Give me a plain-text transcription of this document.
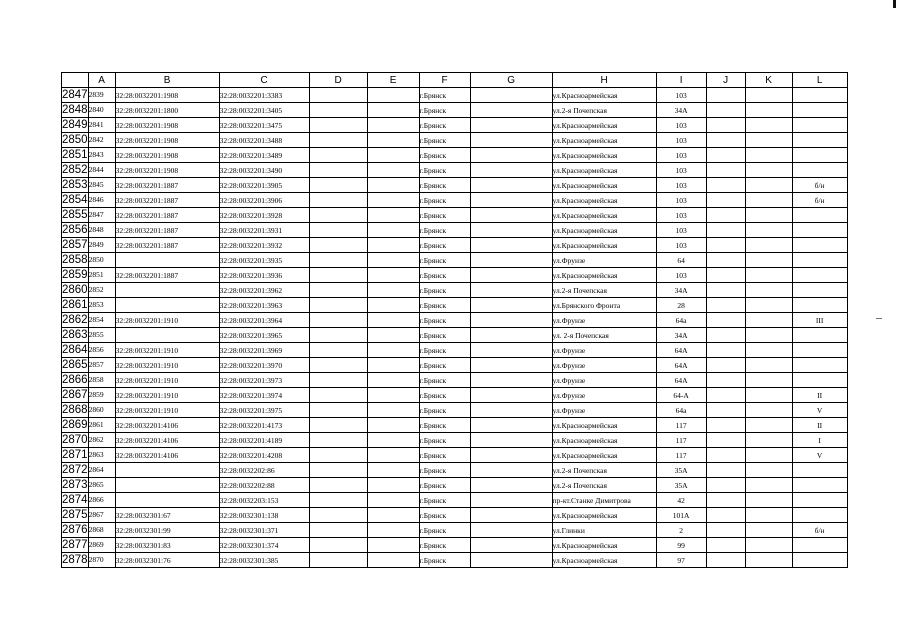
	A	B	C	D	E	F	G	H	I	J	K	L
2847	2839	32:28:0032201:1908	32:28:0032201:3383			г.Брянск		ул.Красноармейская	103			
2848	2840	32:28:0032201:1800	32:28:0032201:3405			г.Брянск		ул.2-я Почепская	34А			
2849	2841	32:28:0032201:1908	32:28:0032201:3475			г.Брянск		ул.Красноармейская	103			
2850	2842	32:28:0032201:1908	32:28:0032201:3488			г.Брянск		ул.Красноармейская	103			
2851	2843	32:28:0032201:1908	32:28:0032201:3489			г.Брянск		ул.Красноармейская	103			
2852	2844	32:28:0032201:1908	32:28:0032201:3490			г.Брянск		ул.Красноармейская	103			
2853	2845	32:28:0032201:1887	32:28:0032201:3905			г.Брянск		ул.Красноармейская	103			б/н
2854	2846	32:28:0032201:1887	32:28:0032201:3906			г.Брянск		ул.Красноармейская	103			б/н
2855	2847	32:28:0032201:1887	32:28:0032201:3928			г.Брянск		ул.Красноармейская	103			
2856	2848	32:28:0032201:1887	32:28:0032201:3931			г.Брянск		ул.Красноармейская	103			
2857	2849	32:28:0032201:1887	32:28:0032201:3932			г.Брянск		ул.Красноармейская	103			
2858	2850		32:28:0032201:3935			г.Брянск		ул.Фрунзе	64			
2859	2851	32:28:0032201:1887	32:28:0032201:3936			г.Брянск		ул.Красноармейская	103			
2860	2852		32:28:0032201:3962			г.Брянск		ул.2-я Почепская	34А			
2861	2853		32:28:0032201:3963			г.Брянск		ул.Брянского Фронта	28			
2862	2854	32:28:0032201:1910	32:28:0032201:3964			г.Брянск		ул.Фрунзе	64а			III
2863	2855		32:28:0032201:3965			г.Брянск		ул. 2-я Почепская	34А			
2864	2856	32:28:0032201:1910	32:28:0032201:3969			г.Брянск		ул.Фрунзе	64А			
2865	2857	32:28:0032201:1910	32:28:0032201:3970			г.Брянск		ул.Фрунзе	64А			
2866	2858	32:28:0032201:1910	32:28:0032201:3973			г.Брянск		ул.Фрунзе	64А			
2867	2859	32:28:0032201:1910	32:28:0032201:3974			г.Брянск		ул.Фрунзе	64-А			II
2868	2860	32:28:0032201:1910	32:28:0032201:3975			г.Брянск		ул.Фрунзе	64а			V
2869	2861	32:28:0032201:4106	32:28:0032201:4173			г.Брянск		ул.Красноармейская	117			II
2870	2862	32:28:0032201:4106	32:28:0032201:4189			г.Брянск		ул.Красноармейская	117			I
2871	2863	32:28:0032201:4106	32:28:0032201:4208			г.Брянск		ул.Красноармейская	117			V
2872	2864		32:28:0032202:86			г.Брянск		ул.2-я Почепская	35А			
2873	2865		32:28:0032202:88			г.Брянск		ул.2-я Почепская	35А			
2874	2866		32:28:0032203:153			г.Брянск		пр-кт.Станке Димитрова	42			
2875	2867	32:28:0032301:67	32:28:0032301:138			г.Брянск		ул.Красноармейская	101А			
2876	2868	32:28:0032301:99	32:28:0032301:371			г.Брянск		ул.Глинки	2			б/н
2877	2869	32:28:0032301:83	32:28:0032301:374			г.Брянск		ул.Красноармейская	99			
2878	2870	32:28:0032301:76	32:28:0032301:385			г.Брянск		ул.Красноармейская	97			
